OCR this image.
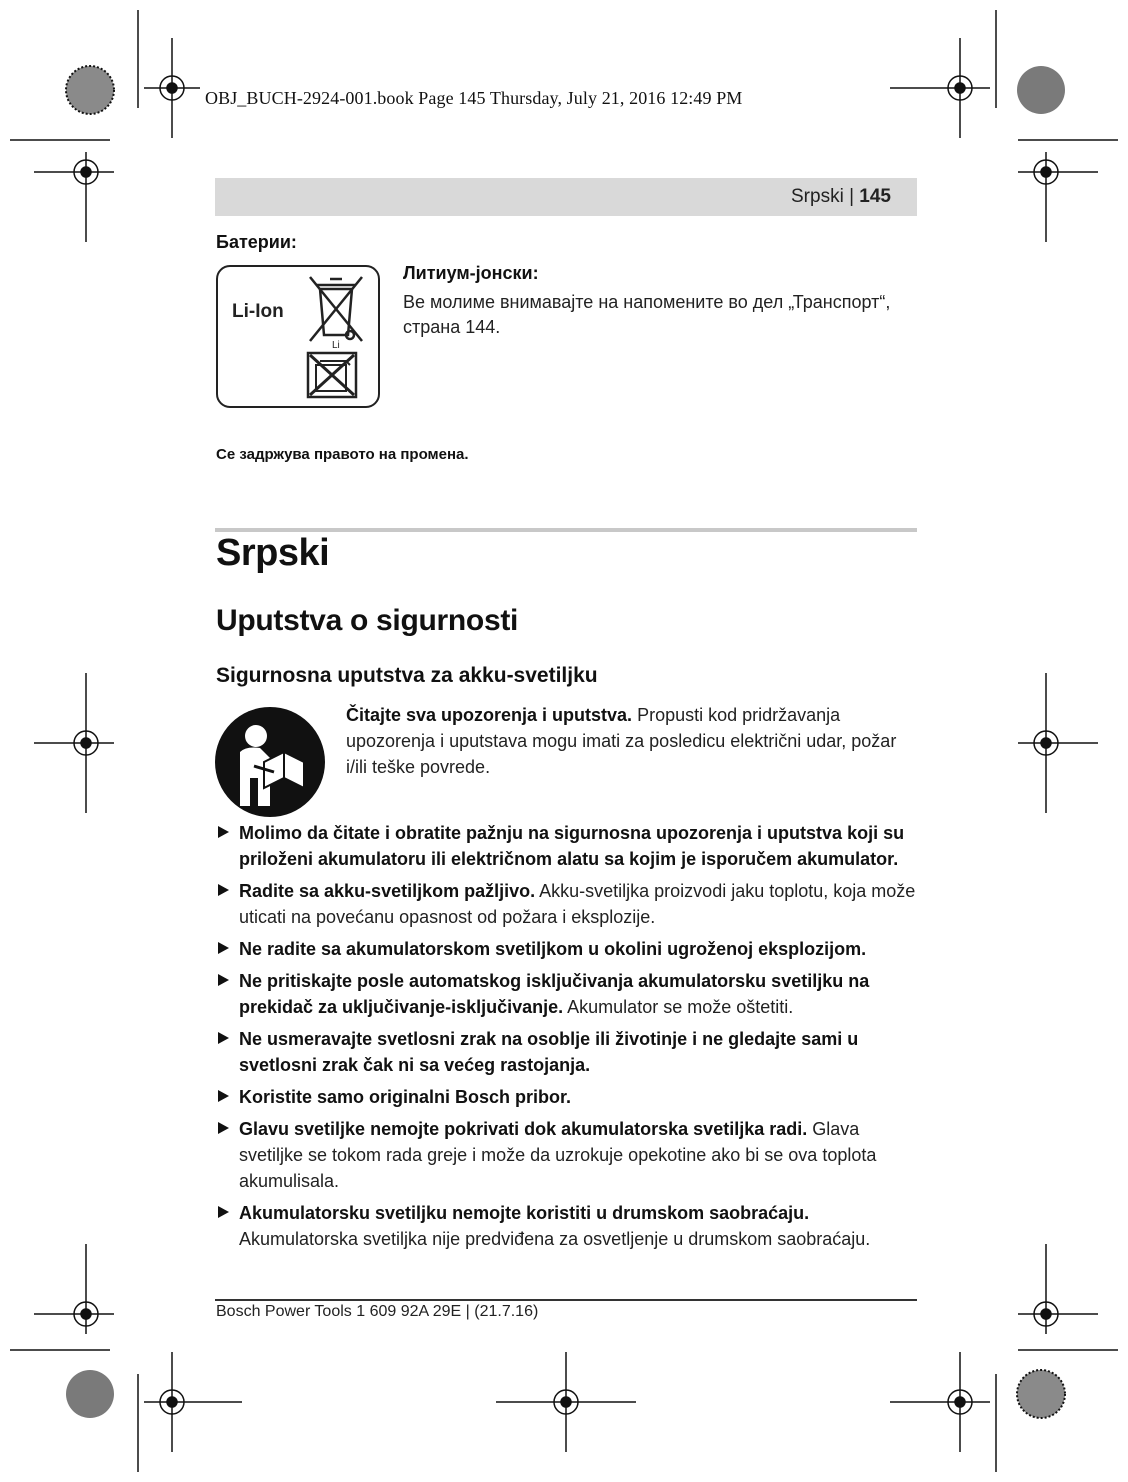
OBJ_BUCH-2924-001.book Page 145 Thursday, July 21, 2016 12:49 PM
Srpski | 145
Батерии:
Li-Ion
Li
Литиум-јонски:
Ве молиме внимавајте на напомените во дел „Транспорт“, страна 144.
Се задржува правото на промена.
Srpski
Uputstva o sigurnosti
Sigurnosna uputstva za akku-svetiljku
Čitajte sva upozorenja i uputstva. Propusti kod pridržavanja upozorenja i uputstava mogu imati za posledicu električni udar, požar i/ili teške povrede.
Molimo da čitate i obratite pažnju na sigurnosna upozorenja i uputstva koji su priloženi akumulatoru ili električnom alatu sa kojim je isporučem akumulator.
Radite sa akku-svetiljkom pažljivo. Akku-svetiljka proizvodi jaku toplotu, koja može uticati na povećanu opasnost od požara i eksplozije.
Ne radite sa akumulatorskom svetiljkom u okolini ugroženoj eksplozijom.
Ne pritiskajte posle automatskog isključivanja akumulatorsku svetiljku na prekidač za uključivanje-isključivanje. Akumulator se može oštetiti.
Ne usmeravajte svetlosni zrak na osoblje ili životinje i ne gledajte sami u svetlosni zrak čak ni sa većeg rastojanja.
Koristite samo originalni Bosch pribor.
Glavu svetiljke nemojte pokrivati dok akumulatorska svetiljka radi. Glava svetiljke se tokom rada greje i može da uzrokuje opekotine ako bi se ova toplota akumulisala.
Akumulatorsku svetiljku nemojte koristiti u drumskom saobraćaju. Akumulatorska svetiljka nije predviđena za osvetljenje u drumskom saobraćaju.
Bosch Power Tools 1 609 92A 29E | (21.7.16)
